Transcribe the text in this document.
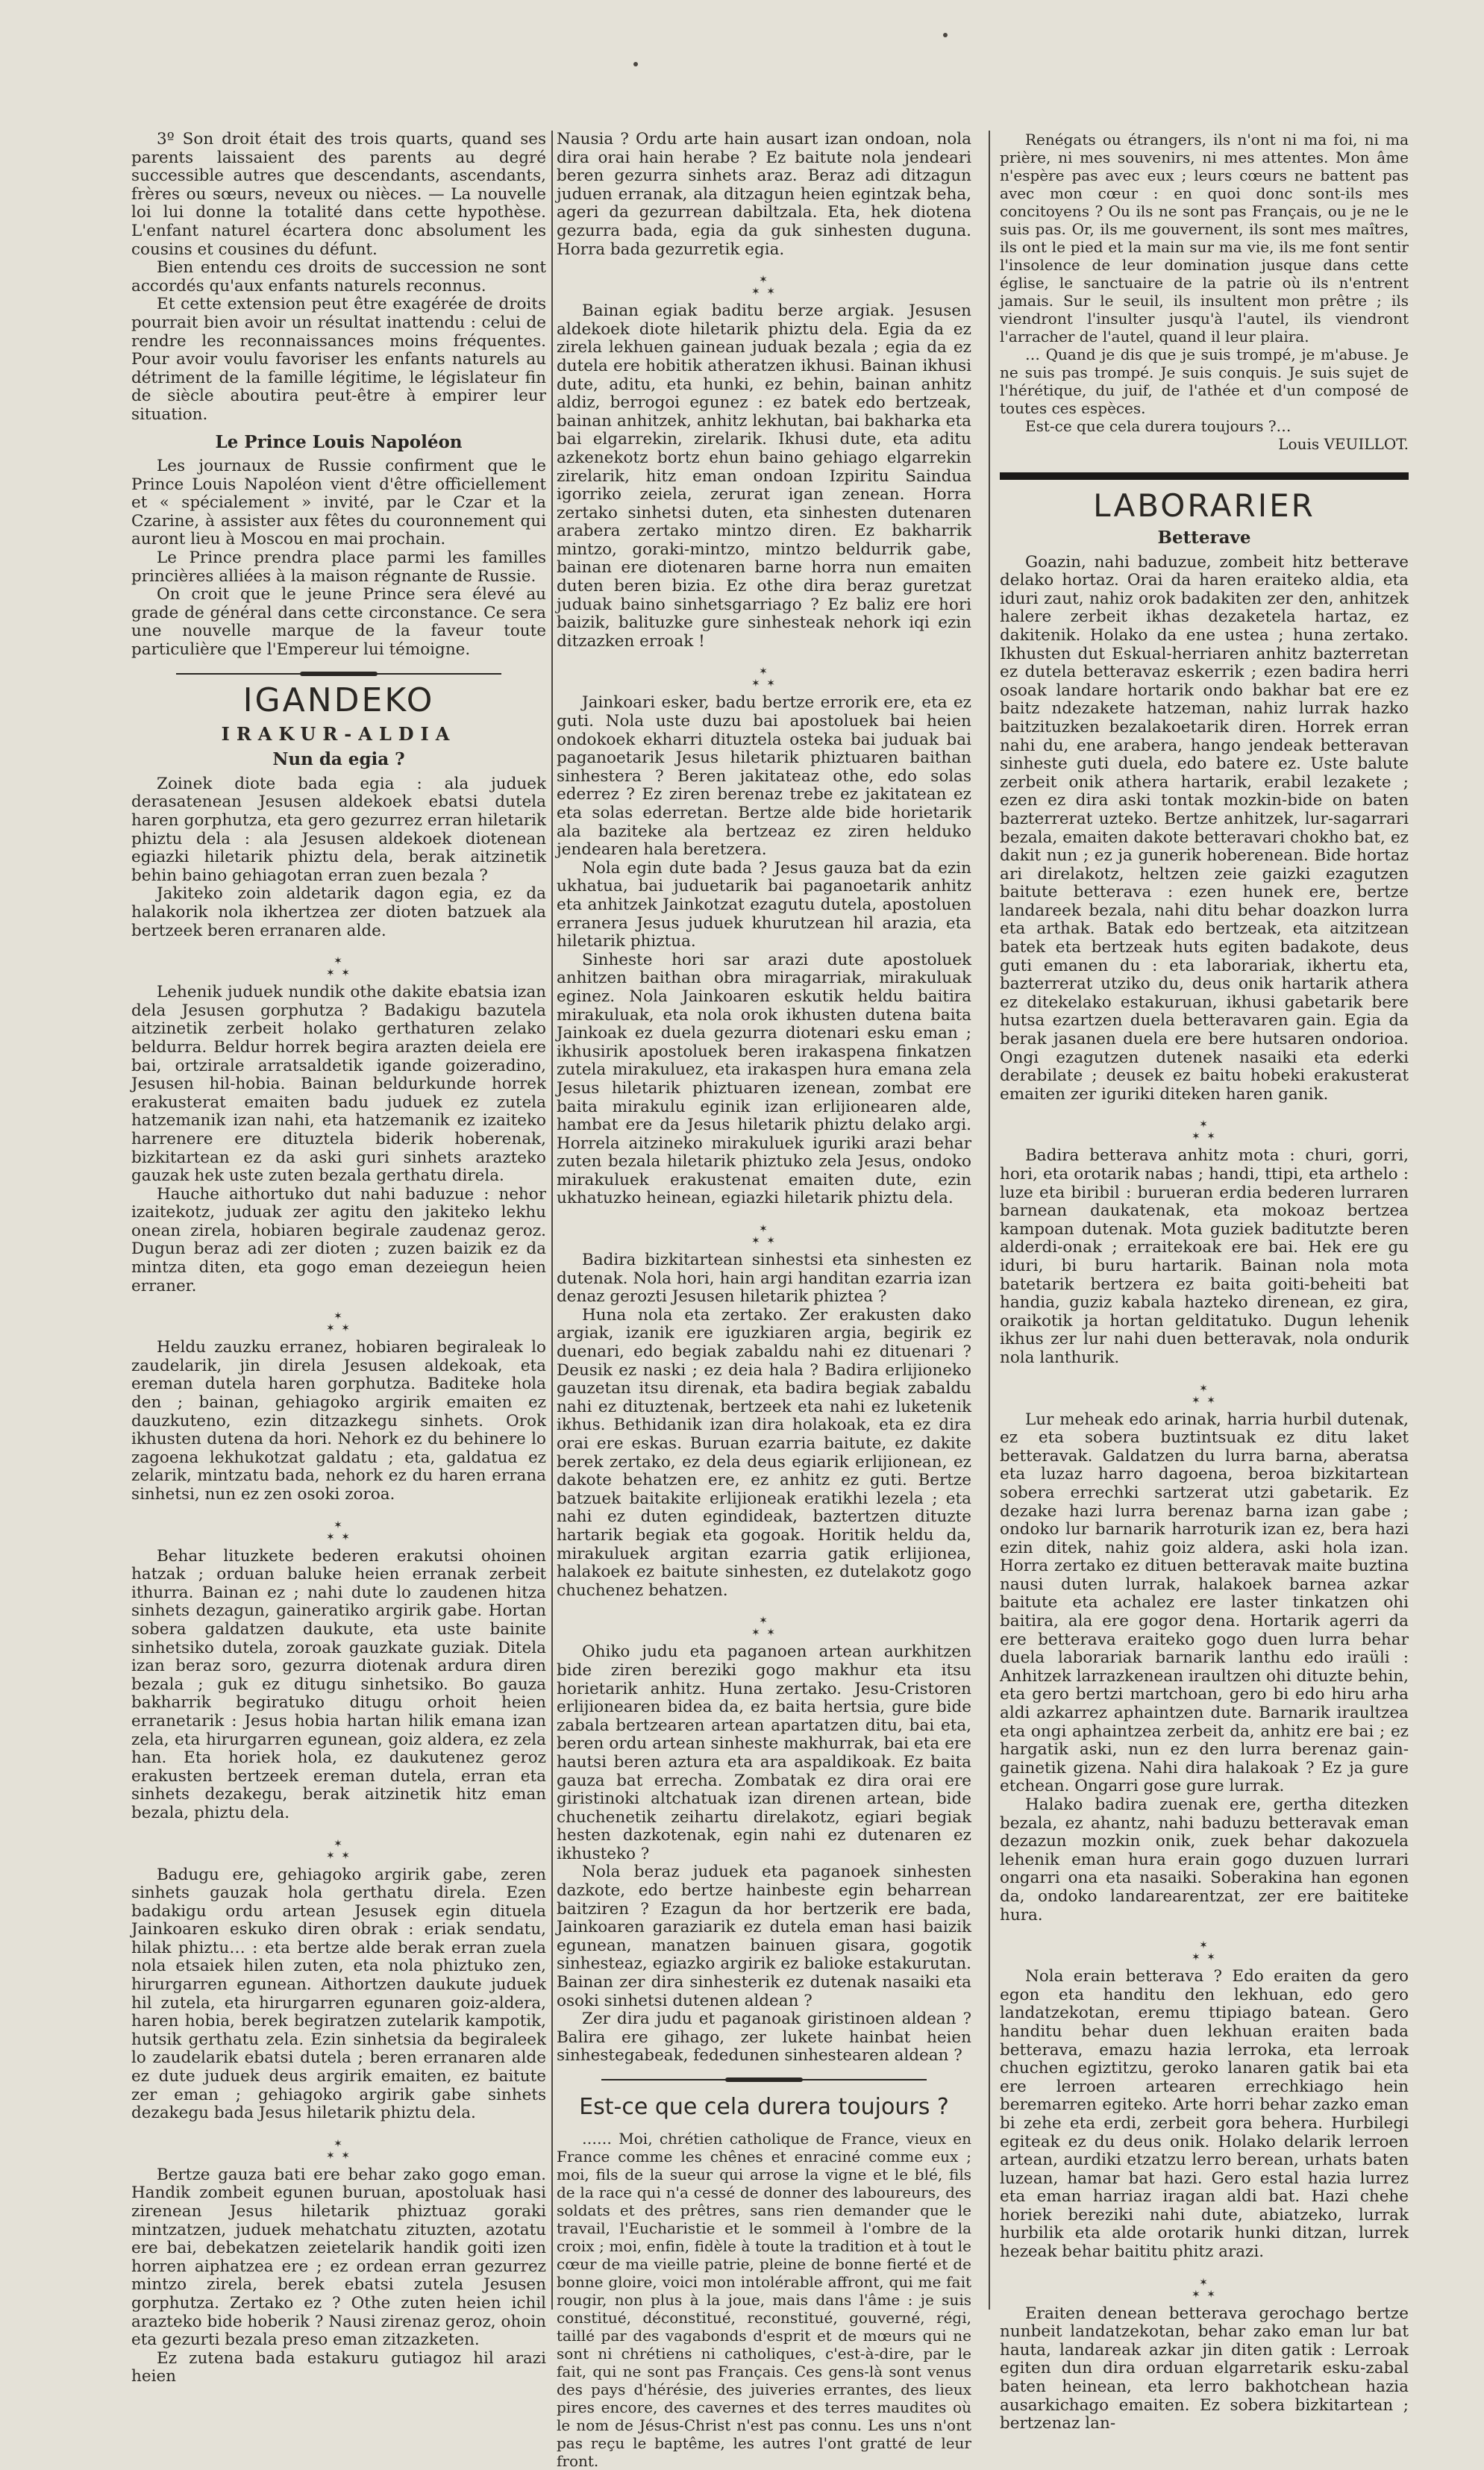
3º Son droit était des trois quarts, quand ses parents laissaient des parents au degré successible autres que descendants, ascendants, frères ou sœurs, neveux ou nièces. — La nouvelle loi lui donne la totalité dans cette hypothèse. L'enfant naturel écartera donc absolument les cousins et cousines du défunt.

Bien entendu ces droits de succession ne sont accordés qu'aux enfants naturels reconnus.

Et cette extension peut être exagérée de droits pourrait bien avoir un résultat inattendu : celui de rendre les reconnaissances moins fréquentes. Pour avoir voulu favoriser les enfants naturels au détriment de la famille légitime, le législateur fin de siècle aboutira peut-être à empirer leur situation.

Le Prince Louis Napoléon

Les journaux de Russie confirment que le Prince Louis Napoléon vient d'être officiellement et « spécialement » invité, par le Czar et la Czarine, à assister aux fêtes du couronnement qui auront lieu à Moscou en mai prochain.

Le Prince prendra place parmi les familles princières alliées à la maison régnante de Russie.

On croit que le jeune Prince sera élevé au grade de général dans cette circonstance. Ce sera une nouvelle marque de la faveur toute particulière que l'Empereur lui témoigne.

IGANDEKO
IRAKUR-ALDIA
Nun da egia ?

Zoinek diote bada egia : ala juduek derasatenean Jesusen aldekoek ebatsi dutela haren gorphutza, eta gero gezurrez erran hiletarik phiztu dela : ala Jesusen aldekoek diotenean egiazki hiletarik phiztu dela, berak aitzinetik behin baino gehiagotan erran zuen bezala ?

Jakiteko zoin aldetarik dagon egia, ez da halakorik nola ikhertzea zer dioten batzuek ala bertzeek beren erranaren alde.

✶
✶ ✶

Lehenik juduek nundik othe dakite ebatsia izan dela Jesusen gorphutza ? Badakigu bazutela aitzinetik zerbeit holako gerthaturen zelako beldurra. Beldur horrek begira arazten deiela ere bai, ortzirale arratsaldetik igande goizeradino, Jesusen hil-hobia. Bainan beldurkunde horrek erakusterat emaiten badu juduek ez zutela hatzemanik izan nahi, eta hatzemanik ez izaiteko harrenere ere dituztela biderik hoberenak, bizkitartean ez da aski guri sinhets arazteko gauzak hek uste zuten bezala gerthatu direla.

Hauche aithortuko dut nahi baduzue : nehor izaitekotz, juduak zer agitu den jakiteko lekhu onean zirela, hobiaren begirale zaudenaz geroz. Dugun beraz adi zer dioten ; zuzen baizik ez da mintza diten, eta gogo eman dezeiegun heien erraner.

✶
✶ ✶

Heldu zauzku erranez, hobiaren begiraleak lo zaudelarik, jin direla Jesusen aldekoak, eta ereman dutela haren gorphutza. Baditeke hola den ; bainan, gehiagoko argirik emaiten ez dauzkuteno, ezin ditzazkegu sinhets. Orok ikhusten dutena da hori. Nehork ez du behinere lo zagoena lekhukotzat galdatu ; eta, galdatua ez zelarik, mintzatu bada, nehork ez du haren errana sinhetsi, nun ez zen osoki zoroa.

✶
✶ ✶

Behar lituzkete bederen erakutsi ohoinen hatzak ; orduan baluke heien erranak zerbeit ithurra. Bainan ez ; nahi dute lo zaudenen hitza sinhets dezagun, gaineratiko argirik gabe. Hortan sobera galdatzen daukute, eta uste bainite sinhetsiko dutela, zoroak gauzkate guziak. Ditela izan beraz soro, gezurra diotenak ardura diren bezala ; guk ez ditugu sinhetsiko. Bo gauza bakharrik begiratuko ditugu orhoit heien erranetarik : Jesus hobia hartan hilik emana izan zela, eta hirurgarren egunean, goiz aldera, ez zela han. Eta horiek hola, ez daukutenez geroz erakusten bertzeek ereman dutela, erran eta sinhets dezakegu, berak aitzinetik hitz eman bezala, phiztu dela.

✶
✶ ✶

Badugu ere, gehiagoko argirik gabe, zeren sinhets gauzak hola gerthatu direla. Ezen badakigu ordu artean Jesusek egin dituela Jainkoaren eskuko diren obrak : eriak sendatu, hilak phiztu… : eta bertze alde berak erran zuela nola etsaiek hilen zuten, eta nola phiztuko zen, hirurgarren egunean. Aithortzen daukute juduek hil zutela, eta hirurgarren egunaren goiz-aldera, haren hobia, berek begiratzen zutelarik kampotik, hutsik gerthatu zela. Ezin sinhetsia da begiraleek lo zaudelarik ebatsi dutela ; beren erranaren alde ez dute juduek deus argirik emaiten, ez baitute zer eman ; gehiagoko argirik gabe sinhets dezakegu bada Jesus hiletarik phiztu dela.

✶
✶ ✶

Bertze gauza bati ere behar zako gogo eman. Handik zombeit egunen buruan, apostoluak hasi zirenean Jesus hiletarik phiztuaz goraki mintzatzen, juduek mehatchatu zituzten, azotatu ere bai, debekatzen zeietelarik handik goiti izen horren aiphatzea ere ; ez ordean erran gezurrez mintzo zirela, berek ebatsi zutela Jesusen gorphutza. Zertako ez ? Othe zuten heien ichil arazteko bide hoberik ? Nausi zirenaz geroz, ohoin eta gezurti bezala preso eman zitzazketen.

Ez zutena bada estakuru gutiagoz hil arazi heien

Nausia ? Ordu arte hain ausart izan ondoan, nola dira orai hain herabe ? Ez baitute nola jendeari beren gezurra sinhets araz. Beraz adi ditzagun juduen erranak, ala ditzagun heien egintzak beha, ageri da gezurrean dabiltzala. Eta, hek diotena gezurra bada, egia da guk sinhesten duguna. Horra bada gezurretik egia.

✶
✶ ✶

Bainan egiak baditu berze argiak. Jesusen aldekoek diote hiletarik phiztu dela. Egia da ez zirela lekhuen gainean juduak bezala ; egia da ez dutela ere hobitik atheratzen ikhusi. Bainan ikhusi dute, aditu, eta hunki, ez behin, bainan anhitz aldiz, berrogoi egunez : ez batek edo bertzeak, bainan anhitzek, anhitz lekhutan, bai bakharka eta bai elgarrekin, zirelarik. Ikhusi dute, eta aditu azkenekotz bortz ehun baino gehiago elgarrekin zirelarik, hitz eman ondoan Izpiritu Saindua igorriko zeiela, zerurat igan zenean. Horra zertako sinhetsi duten, eta sinhesten dutenaren arabera zertako mintzo diren. Ez bakharrik mintzo, goraki-mintzo, mintzo beldurrik gabe, bainan ere diotenaren barne horra nun emaiten duten beren bizia. Ez othe dira beraz guretzat juduak baino sinhetsgarriago ? Ez baliz ere hori baizik, balituzke gure sinhesteak nehork iqi ezin ditzazken erroak !

✶
✶ ✶

Jainkoari esker, badu bertze errorik ere, eta ez guti. Nola uste duzu bai apostoluek bai heien ondokoek ekharri dituztela osteka bai juduak bai paganoetarik Jesus hiletarik phiztuaren baithan sinhestera ? Beren jakitateaz othe, edo solas ederrez ? Ez ziren berenaz trebe ez jakitatean ez eta solas ederretan. Bertze alde bide horietarik ala baziteke ala bertzeaz ez ziren helduko jendearen hala beretzera.

Nola egin dute bada ? Jesus gauza bat da ezin ukhatua, bai juduetarik bai paganoetarik anhitz eta anhitzek Jainkotzat ezagutu dutela, apostoluen erranera Jesus juduek khurutzean hil arazia, eta hiletarik phiztua.

Sinheste hori sar arazi dute apostoluek anhitzen baithan obra miragarriak, mirakuluak eginez. Nola Jainkoaren eskutik heldu baitira mirakuluak, eta nola orok ikhusten dutena baita Jainkoak ez duela gezurra diotenari esku eman ; ikhusirik apostoluek beren irakaspena finkatzen zutela mirakuluez, eta irakaspen hura emana zela Jesus hiletarik phiztuaren izenean, zombat ere baita mirakulu eginik izan erlijionearen alde, hambat ere da Jesus hiletarik phiztu delako argi. Horrela aitzineko mirakuluek iguriki arazi behar zuten bezala hiletarik phiztuko zela Jesus, ondoko mirakuluek erakustenat emaiten dute, ezin ukhatuzko heinean, egiazki hiletarik phiztu dela.

✶
✶ ✶

Badira bizkitartean sinhestsi eta sinhesten ez dutenak. Nola hori, hain argi handitan ezarria izan denaz gerozti Jesusen hiletarik phiztea ?

Huna nola eta zertako. Zer erakusten dako argiak, izanik ere iguzkiaren argia, begirik ez duenari, edo begiak zabaldu nahi ez dituenari ? Deusik ez naski ; ez deia hala ? Badira erlijioneko gauzetan itsu direnak, eta badira begiak zabaldu nahi ez dituztenak, bertzeek eta nahi ez luketenik ikhus. Bethidanik izan dira holakoak, eta ez dira orai ere eskas. Buruan ezarria baitute, ez dakite berek zertako, ez dela deus egiarik erlijionean, ez dakote behatzen ere, ez anhitz ez guti. Bertze batzuek baitakite erlijioneak eratikhi lezela ; eta nahi ez duten egindideak, baztertzen dituzte hartarik begiak eta gogoak. Horitik heldu da, mirakuluek argitan ezarria gatik erlijionea, halakoek ez baitute sinhesten, ez dutelakotz gogo chuchenez behatzen.

✶
✶ ✶

Ohiko judu eta paganoen artean aurkhitzen bide ziren bereziki gogo makhur eta itsu horietarik anhitz. Huna zertako. Jesu-Cristoren erlijionearen bidea da, ez baita hertsia, gure bide zabala bertzearen artean apartatzen ditu, bai eta, beren ordu artean sinheste makhurrak, bai eta ere hautsi beren aztura eta ara aspaldikoak. Ez baita gauza bat errecha. Zombatak ez dira orai ere giristinoki altchatuak izan direnen artean, bide chuchenetik zeihartu direlakotz, egiari begiak hesten dazkotenak, egin nahi ez dutenaren ez ikhusteko ?

Nola beraz juduek eta paganoek sinhesten dazkote, edo bertze hainbeste egin beharrean baitziren ? Ezagun da hor bertzerik ere bada, Jainkoaren garaziarik ez dutela eman hasi baizik egunean, manatzen bainuen gisara, gogotik sinhesteaz, egiazko argirik ez balioke estakurutan. Bainan zer dira sinhesterik ez dutenak nasaiki eta osoki sinhetsi dutenen aldean ?

Zer dira judu et paganoak giristinoen aldean ? Balira ere gihago, zer lukete hainbat heien sinhestegabeak, fededunen sinhestearen aldean ?

Est-ce que cela durera toujours ?

…… Moi, chrétien catholique de France, vieux en France comme les chênes et enraciné comme eux ; moi, fils de la sueur qui arrose la vigne et le blé, fils de la race qui n'a cessé de donner des laboureurs, des soldats et des prêtres, sans rien demander que le travail, l'Eucharistie et le sommeil à l'ombre de la croix ; moi, enfin, fidèle à toute la tradition et à tout le cœur de ma vieille patrie, pleine de bonne fierté et de bonne gloire, voici mon intolérable affront, qui me fait rougir, non plus à la joue, mais dans l'âme : je suis constitué, déconstitué, reconstitué, gouverné, régi, taillé par des vagabonds d'esprit et de mœurs qui ne sont ni chrétiens ni catholiques, c'est-à-dire, par le fait, qui ne sont pas Français. Ces gens-là sont venus des pays d'hérésie, des juiveries errantes, des lieux pires encore, des cavernes et des terres maudites où le nom de Jésus-Christ n'est pas connu. Les uns n'ont pas reçu le baptême, les autres l'ont gratté de leur front.

Renégats ou étrangers, ils n'ont ni ma foi, ni ma prière, ni mes souvenirs, ni mes attentes. Mon âme n'espère pas avec eux ; leurs cœurs ne battent pas avec mon cœur : en quoi donc sont-ils mes concitoyens ? Ou ils ne sont pas Français, ou je ne le suis pas. Or, ils me gouvernent, ils sont mes maîtres, ils ont le pied et la main sur ma vie, ils me font sentir l'insolence de leur domination jusque dans cette église, le sanctuaire de la patrie où ils n'entrent jamais. Sur le seuil, ils insultent mon prêtre ; ils viendront l'insulter jusqu'à l'autel, ils viendront l'arracher de l'autel, quand il leur plaira.

… Quand je dis que je suis trompé, je m'abuse. Je ne suis pas trompé. Je suis conquis. Je suis sujet de l'hérétique, du juif, de l'athée et d'un composé de toutes ces espèces.

Est-ce que cela durera toujours ?…

Louis VEUILLOT.

LABORARIER
Betterave

Goazin, nahi baduzue, zombeit hitz betterave delako hortaz. Orai da haren eraiteko aldia, eta iduri zaut, nahiz orok badakiten zer den, anhitzek halere zerbeit ikhas dezaketela hartaz, ez dakitenik. Holako da ene ustea ; huna zertako. Ikhusten dut Eskual-herriaren anhitz bazterretan ez dutela betteravaz eskerrik ; ezen badira herri osoak landare hortarik ondo bakhar bat ere ez baitz ndezakete hatzeman, nahiz lurrak hazko baitzituzken bezalakoetarik diren. Horrek erran nahi du, ene arabera, hango jendeak betteravan sinheste guti duela, edo batere ez. Uste balute zerbeit onik athera hartarik, erabil lezakete ; ezen ez dira aski tontak mozkin-bide on baten bazterrerat uzteko. Bertze anhitzek, lur-sagarrari bezala, emaiten dakote betteravari chokho bat, ez dakit nun ; ez ja gunerik hoberenean. Bide hortaz ari direlakotz, heltzen zeie gaizki ezagutzen baitute betterava : ezen hunek ere, bertze landareek bezala, nahi ditu behar doazkon lurra eta arthak. Batak edo bertzeak, eta aitzitzean batek eta bertzeak huts egiten badakote, deus guti emanen du : eta laborariak, ikhertu eta, bazterrerat utziko du, deus onik hartarik athera ez ditekelako estakuruan, ikhusi gabetarik bere hutsa ezartzen duela betteravaren gain. Egia da berak jasanen duela ere bere hutsaren ondorioa. Ongi ezagutzen dutenek nasaiki eta ederki derabilate ; deusek ez baitu hobeki erakusterat emaiten zer iguriki diteken haren ganik.

✶
✶ ✶

Badira betterava anhitz mota : churi, gorri, hori, eta orotarik nabas ; handi, ttipi, eta arthelo : luze eta biribil : burueran erdia bederen lurraren barnean daukatenak, eta mokoaz bertzea kampoan dutenak. Mota guziek baditutzte beren alderdi-onak ; erraitekoak ere bai. Hek ere gu iduri, bi buru hartarik. Bainan nola mota batetarik bertzera ez baita goiti-beheiti bat handia, guziz kabala hazteko direnean, ez gira, oraikotik ja hortan gelditatuko. Dugun lehenik ikhus zer lur nahi duen betteravak, nola ondurik nola lanthurik.

✶
✶ ✶

Lur meheak edo arinak, harria hurbil dutenak, ez eta sobera buztintsuak ez ditu laket betteravak. Galdatzen du lurra barna, aberatsa eta luzaz harro dagoena, beroa bizkitartean sobera errechki sartzerat utzi gabetarik. Ez dezake hazi lurra berenaz barna izan gabe ; ondoko lur barnarik harroturik izan ez, bera hazi ezin ditek, nahiz goiz aldera, aski hola izan. Horra zertako ez dituen betteravak maite buztina nausi duten lurrak, halakoek barnea azkar baitute eta achalez ere laster tinkatzen ohi baitira, ala ere gogor dena. Hortarik agerri da ere betterava eraiteko gogo duen lurra behar duela laborariak barnarik lanthu edo iraüli : Anhitzek larrazkenean iraultzen ohi dituzte behin, eta gero bertzi martchoan, gero bi edo hiru arha aldi azkarrez aphaintzen dute. Barnarik iraultzea eta ongi aphaintzea zerbeit da, anhitz ere bai ; ez hargatik aski, nun ez den lurra berenaz gain-gainetik gizena. Nahi dira halakoak ? Ez ja gure etchean. Ongarri gose gure lurrak.

Halako badira zuenak ere, gertha ditezken bezala, ez ahantz, nahi baduzu betteravak eman dezazun mozkin onik, zuek behar dakozuela lehenik eman hura erain gogo duzuen lurrari ongarri ona eta nasaiki. Soberakina han egonen da, ondoko landarearentzat, zer ere baititeke hura.

✶
✶ ✶

Nola erain betterava ? Edo eraiten da gero egon eta handitu den lekhuan, edo gero landatzekotan, eremu ttipiago batean. Gero handitu behar duen lekhuan eraiten bada betterava, emazu hazia lerroka, eta lerroak chuchen egiztitzu, geroko lanaren gatik bai eta ere lerroen artearen errechkiago hein beremarren egiteko. Arte horri behar zazko eman bi zehe eta erdi, zerbeit gora behera. Hurbilegi egiteak ez du deus onik. Holako delarik lerroen artean, aurdiki etzatzu lerro berean, urhats baten luzean, hamar bat hazi. Gero estal hazia lurrez eta eman harriaz iragan aldi bat. Hazi chehe horiek bereziki nahi dute, abiatzeko, lurrak hurbilik eta alde orotarik hunki ditzan, lurrek hezeak behar baititu phitz arazi.

✶
✶ ✶

Eraiten denean betterava gerochago bertze nunbeit landatzekotan, behar zako eman lur bat hauta, landareak azkar jin diten gatik : Lerroak egiten dun dira orduan elgarretarik esku-zabal baten heinean, eta lerro bakhotchean hazia ausarkichago emaiten. Ez sobera bizkitartean ; bertzenaz lan-
